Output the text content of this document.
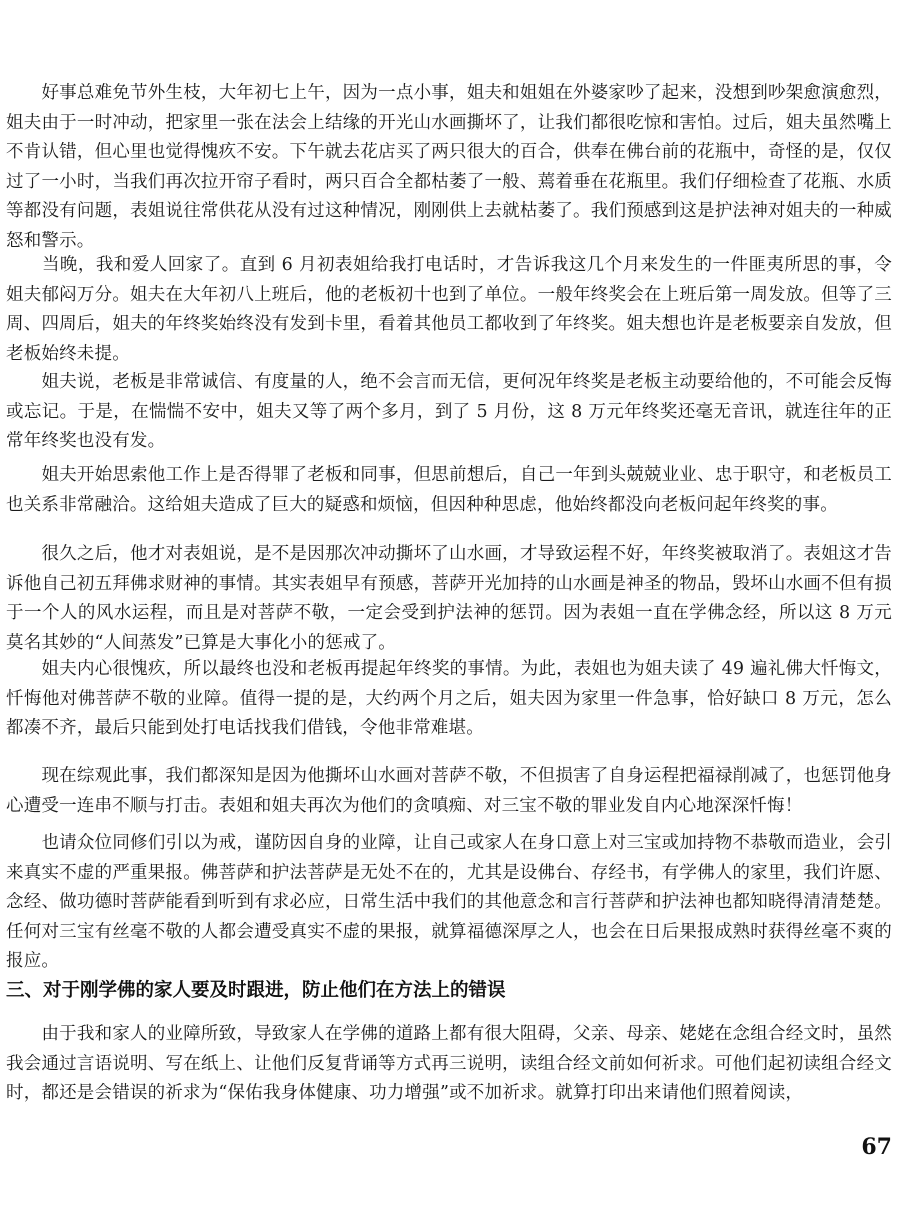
　　好事总难免节外生枝，大年初七上午，因为一点小事，姐夫和姐姐在外婆家吵了起来，没想到吵架愈演愈烈，姐夫由于一时冲动，把家里一张在法会上结缘的开光山水画撕坏了，让我们都很吃惊和害怕。过后，姐夫虽然嘴上不肯认错，但心里也觉得愧疚不安。下午就去花店买了两只很大的百合，供奉在佛台前的花瓶中，奇怪的是，仅仅过了一小时，当我们再次拉开帘子看时，两只百合全都枯萎了一般、蔫着垂在花瓶里。我们仔细检查了花瓶、水质等都没有问题，表姐说往常供花从没有过这种情况，刚刚供上去就枯萎了。我们预感到这是护法神对姐夫的一种威怒和警示。

　　当晚，我和爱人回家了。直到 6 月初表姐给我打电话时，才告诉我这几个月来发生的一件匪夷所思的事，令姐夫郁闷万分。姐夫在大年初八上班后，他的老板初十也到了单位。一般年终奖会在上班后第一周发放。但等了三周、四周后，姐夫的年终奖始终没有发到卡里，看着其他员工都收到了年终奖。姐夫想也许是老板要亲自发放，但老板始终未提。

　　姐夫说，老板是非常诚信、有度量的人，绝不会言而无信，更何况年终奖是老板主动要给他的，不可能会反悔或忘记。于是，在惴惴不安中，姐夫又等了两个多月，到了 5 月份，这 8 万元年终奖还毫无音讯，就连往年的正常年终奖也没有发。

　　姐夫开始思索他工作上是否得罪了老板和同事，但思前想后，自己一年到头兢兢业业、忠于职守，和老板员工也关系非常融洽。这给姐夫造成了巨大的疑惑和烦恼，但因种种思虑，他始终都没向老板问起年终奖的事。

　　很久之后，他才对表姐说，是不是因那次冲动撕坏了山水画，才导致运程不好，年终奖被取消了。表姐这才告诉他自己初五拜佛求财神的事情。其实表姐早有预感，菩萨开光加持的山水画是神圣的物品，毁坏山水画不但有损于一个人的风水运程，而且是对菩萨不敬，一定会受到护法神的惩罚。因为表姐一直在学佛念经，所以这 8 万元莫名其妙的“人间蒸发”已算是大事化小的惩戒了。

　　姐夫内心很愧疚，所以最终也没和老板再提起年终奖的事情。为此，表姐也为姐夫读了 49 遍礼佛大忏悔文，忏悔他对佛菩萨不敬的业障。值得一提的是，大约两个月之后，姐夫因为家里一件急事，恰好缺口 8 万元，怎么都凑不齐，最后只能到处打电话找我们借钱，令他非常难堪。

　　现在综观此事，我们都深知是因为他撕坏山水画对菩萨不敬，不但损害了自身运程把福禄削减了，也惩罚他身心遭受一连串不顺与打击。表姐和姐夫再次为他们的贪嗔痴、对三宝不敬的罪业发自内心地深深忏悔！

　　也请众位同修们引以为戒，谨防因自身的业障，让自己或家人在身口意上对三宝或加持物不恭敬而造业，会引来真实不虚的严重果报。佛菩萨和护法菩萨是无处不在的，尤其是设佛台、存经书，有学佛人的家里，我们许愿、念经、做功德时菩萨能看到听到有求必应，日常生活中我们的其他意念和言行菩萨和护法神也都知晓得清清楚楚。任何对三宝有丝毫不敬的人都会遭受真实不虚的果报，就算福德深厚之人，也会在日后果报成熟时获得丝毫不爽的报应。

三、对于刚学佛的家人要及时跟进，防止他们在方法上的错误

　　由于我和家人的业障所致，导致家人在学佛的道路上都有很大阻碍，父亲、母亲、姥姥在念组合经文时，虽然我会通过言语说明、写在纸上、让他们反复背诵等方式再三说明，读组合经文前如何祈求。可他们起初读组合经文时，都还是会错误的祈求为“保佑我身体健康、功力增强”或不加祈求。就算打印出来请他们照着阅读，

67
